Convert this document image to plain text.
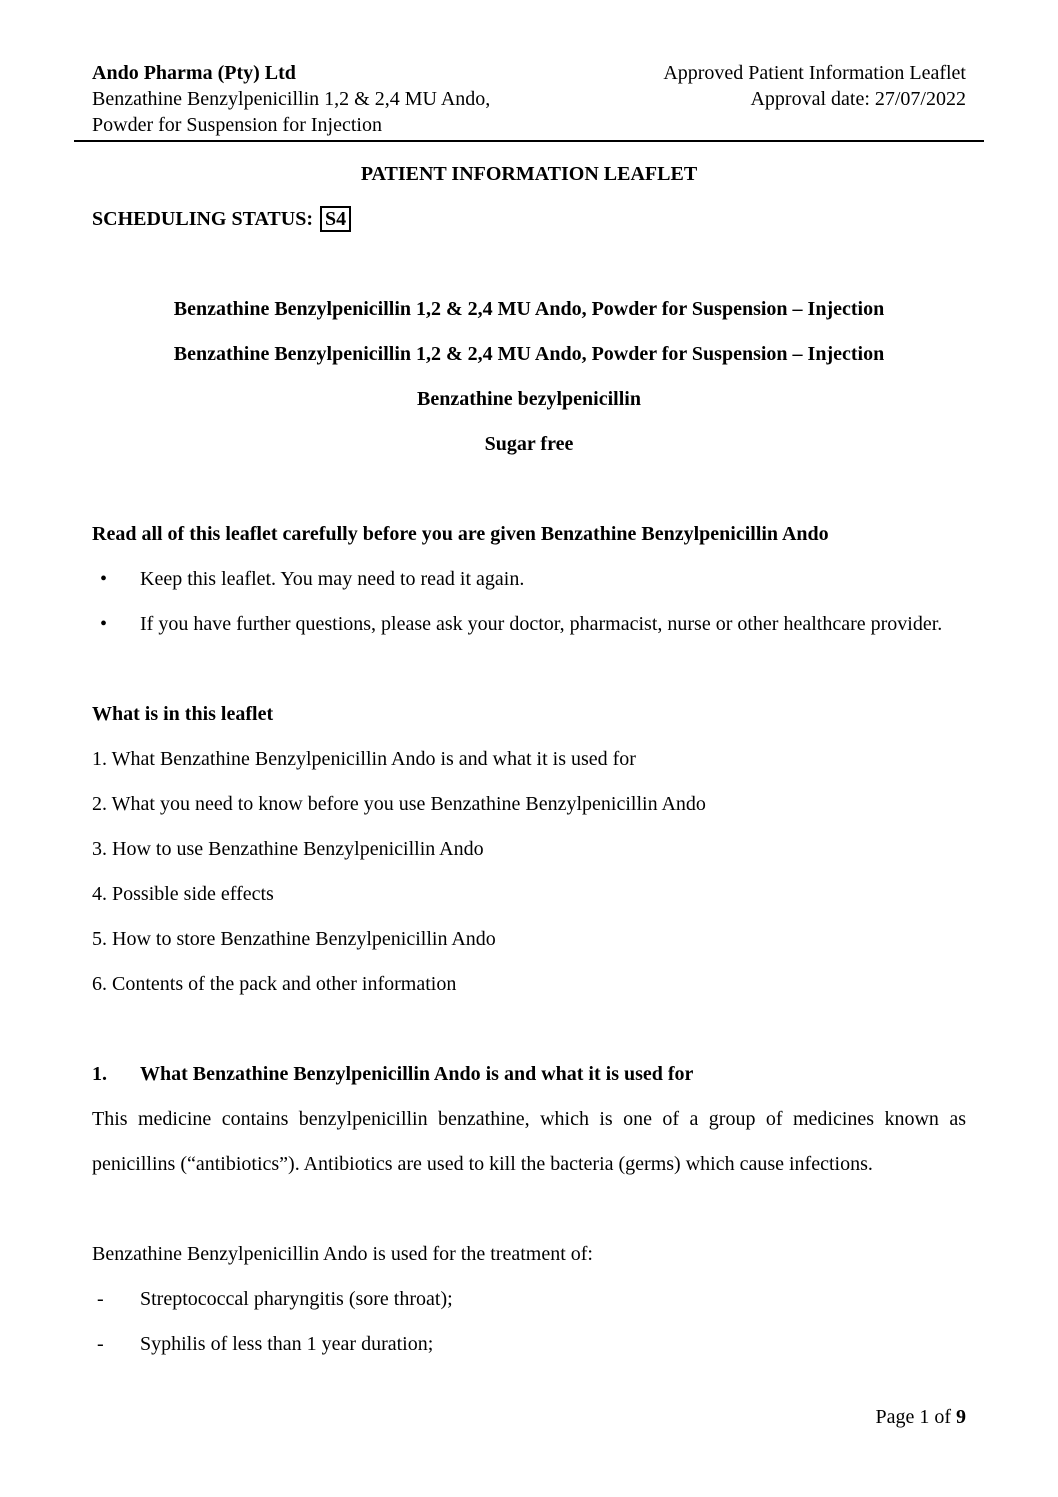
Ando Pharma (Pty) Ltd
Benzathine Benzylpenicillin 1,2 & 2,4 MU Ando,
Powder for Suspension for Injection
Approved Patient Information Leaflet
Approval date: 27/07/2022
PATIENT INFORMATION LEAFLET
SCHEDULING STATUS: S4
Benzathine Benzylpenicillin 1,2 & 2,4 MU Ando, Powder for Suspension – Injection
Benzathine Benzylpenicillin 1,2 & 2,4 MU Ando, Powder for Suspension – Injection
Benzathine bezylpenicillin
Sugar free
Read all of this leaflet carefully before you are given Benzathine Benzylpenicillin Ando
•	Keep this leaflet. You may need to read it again.
•	If you have further questions, please ask your doctor, pharmacist, nurse or other healthcare provider.
What is in this leaflet
1. What Benzathine Benzylpenicillin Ando is and what it is used for
2. What you need to know before you use Benzathine Benzylpenicillin Ando
3. How to use Benzathine Benzylpenicillin Ando
4. Possible side effects
5. How to store Benzathine Benzylpenicillin Ando
6. Contents of the pack and other information
1.	What Benzathine Benzylpenicillin Ando is and what it is used for
This medicine contains benzylpenicillin benzathine, which is one of a group of medicines known as penicillins (“antibiotics”). Antibiotics are used to kill the bacteria (germs) which cause infections.
Benzathine Benzylpenicillin Ando is used for the treatment of:
-	Streptococcal pharyngitis (sore throat);
-	Syphilis of less than 1 year duration;
Page 1 of 9
